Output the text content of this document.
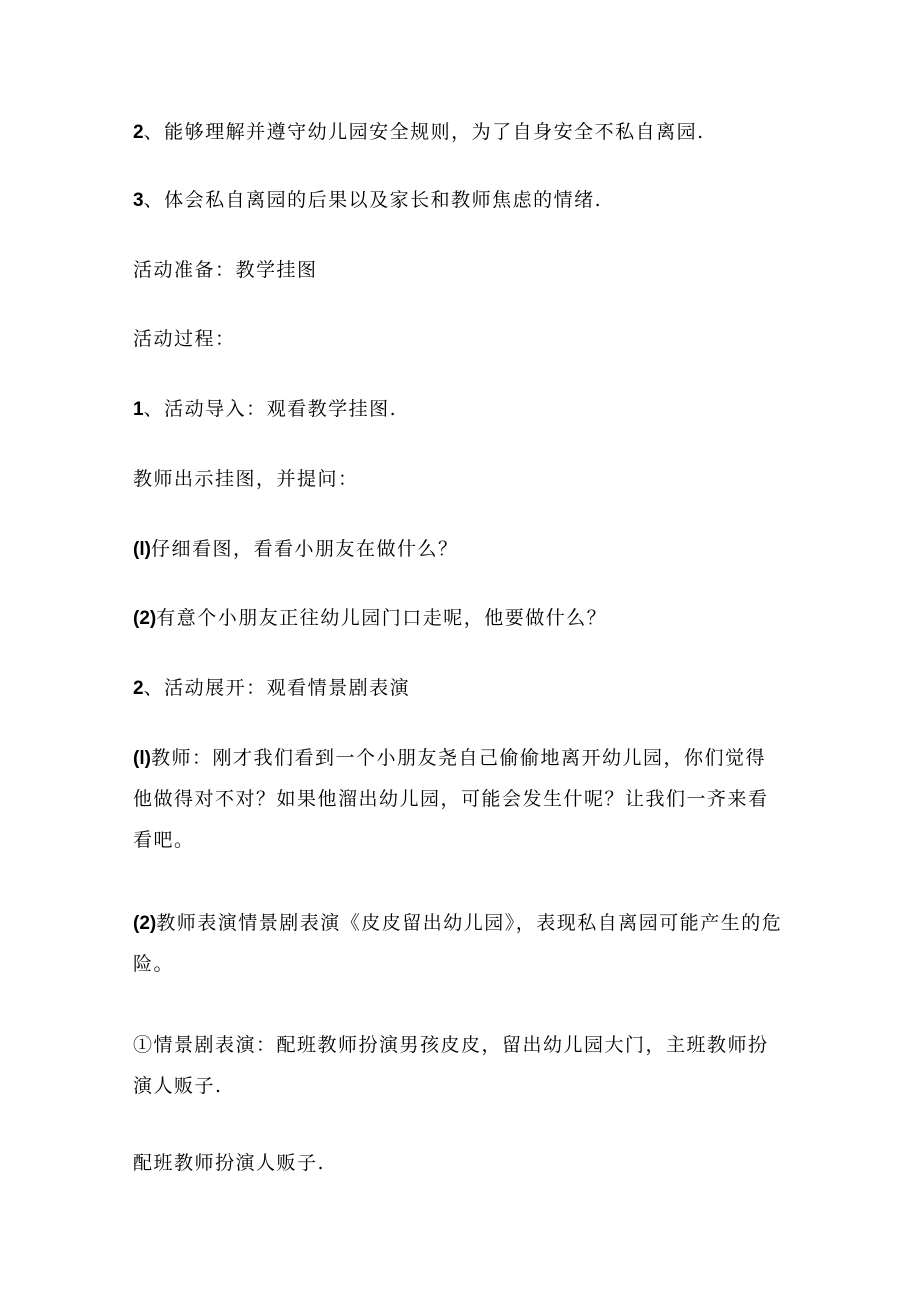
2、能够理解并遵守幼儿园安全规则，为了自身安全不私自离园.
3、体会私自离园的后果以及家长和教师焦虑的情绪.
活动准备：教学挂图
活动过程：
1、活动导入：观看教学挂图.
教师出示挂图，并提问：
(l)仔细看图，看看小朋友在做什么？
(2)有意个小朋友正往幼儿园门口走呢，他要做什么？
2、活动展开：观看情景剧表演
(l)教师：刚才我们看到一个小朋友尧自己偷偷地离开幼儿园，你们觉得他做得对不对？如果他溜出幼儿园，可能会发生什呢？让我们一齐来看看吧。
(2)教师表演情景剧表演《皮皮留出幼儿园》，表现私自离园可能产生的危险。
①情景剧表演：配班教师扮演男孩皮皮，留出幼儿园大门，主班教师扮演人贩子.
配班教师扮演人贩子.
